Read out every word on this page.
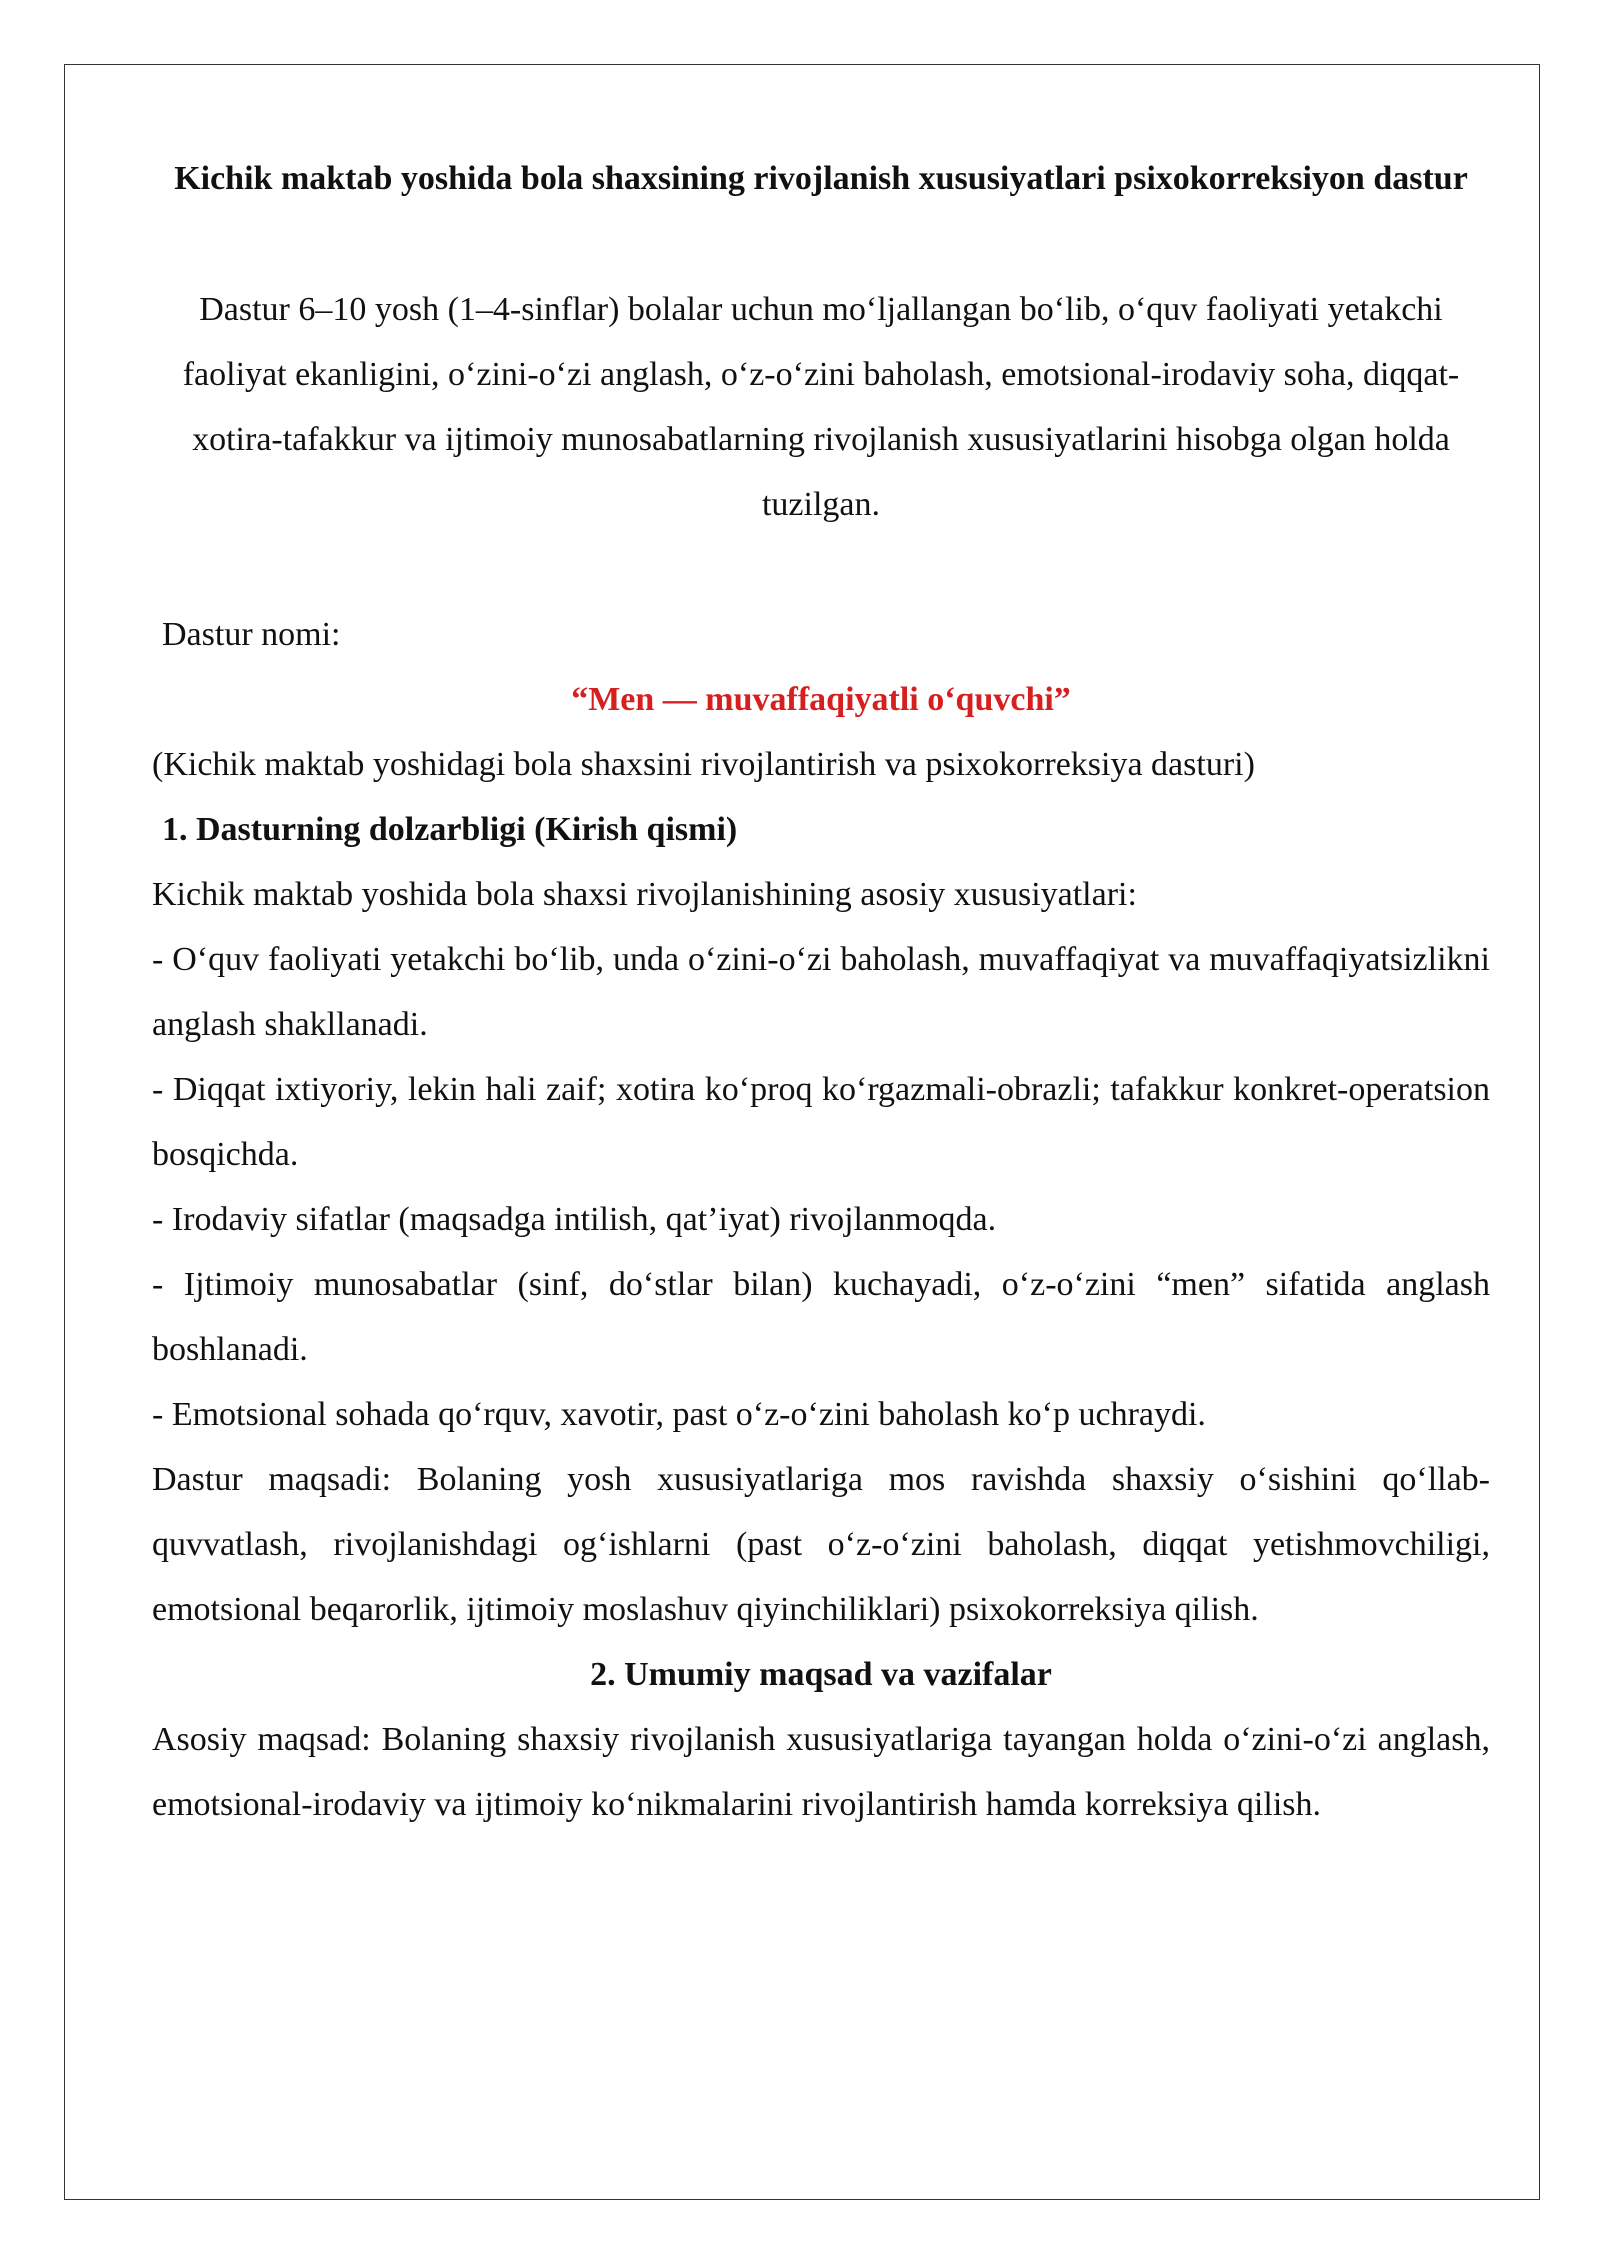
Kichik maktab yoshida bola shaxsining rivojlanish xususiyatlari psixokorreksiyon dastur

Dastur 6–10 yosh (1–4-sinflar) bolalar uchun mo‘ljallangan bo‘lib, o‘quv faoliyati yetakchi faoliyat ekanligini, o‘zini-o‘zi anglash, o‘z-o‘zini baholash, emotsional-irodaviy soha, diqqat-xotira-tafakkur va ijtimoiy munosabatlarning rivojlanish xususiyatlarini hisobga olgan holda tuzilgan.

Dastur nomi:

“Men — muvaffaqiyatli o‘quvchi”

(Kichik maktab yoshidagi bola shaxsini rivojlantirish va psixokorreksiya dasturi)

1. Dasturning dolzarbligi (Kirish qismi)

Kichik maktab yoshida bola shaxsi rivojlanishining asosiy xususiyatlari:

- O‘quv faoliyati yetakchi bo‘lib, unda o‘zini-o‘zi baholash, muvaffaqiyat va muvaffaqiyatsizlikni anglash shakllanadi.

- Diqqat ixtiyoriy, lekin hali zaif; xotira ko‘proq ko‘rgazmali-obrazli; tafakkur konkret-operatsion bosqichda.

- Irodaviy sifatlar (maqsadga intilish, qat’iyat) rivojlanmoqda.

- Ijtimoiy munosabatlar (sinf, do‘stlar bilan) kuchayadi, o‘z-o‘zini “men” sifatida anglash boshlanadi.

- Emotsional sohada qo‘rquv, xavotir, past o‘z-o‘zini baholash ko‘p uchraydi.

Dastur maqsadi: Bolaning yosh xususiyatlariga mos ravishda shaxsiy o‘sishini qo‘llab-quvvatlash, rivojlanishdagi og‘ishlarni (past o‘z-o‘zini baholash, diqqat yetishmovchiligi, emotsional beqarorlik, ijtimoiy moslashuv qiyinchiliklari) psixokorreksiya qilish.

2. Umumiy maqsad va vazifalar

Asosiy maqsad: Bolaning shaxsiy rivojlanish xususiyatlariga tayangan holda o‘zini-o‘zi anglash, emotsional-irodaviy va ijtimoiy ko‘nikmalarini rivojlantirish hamda korreksiya qilish.
